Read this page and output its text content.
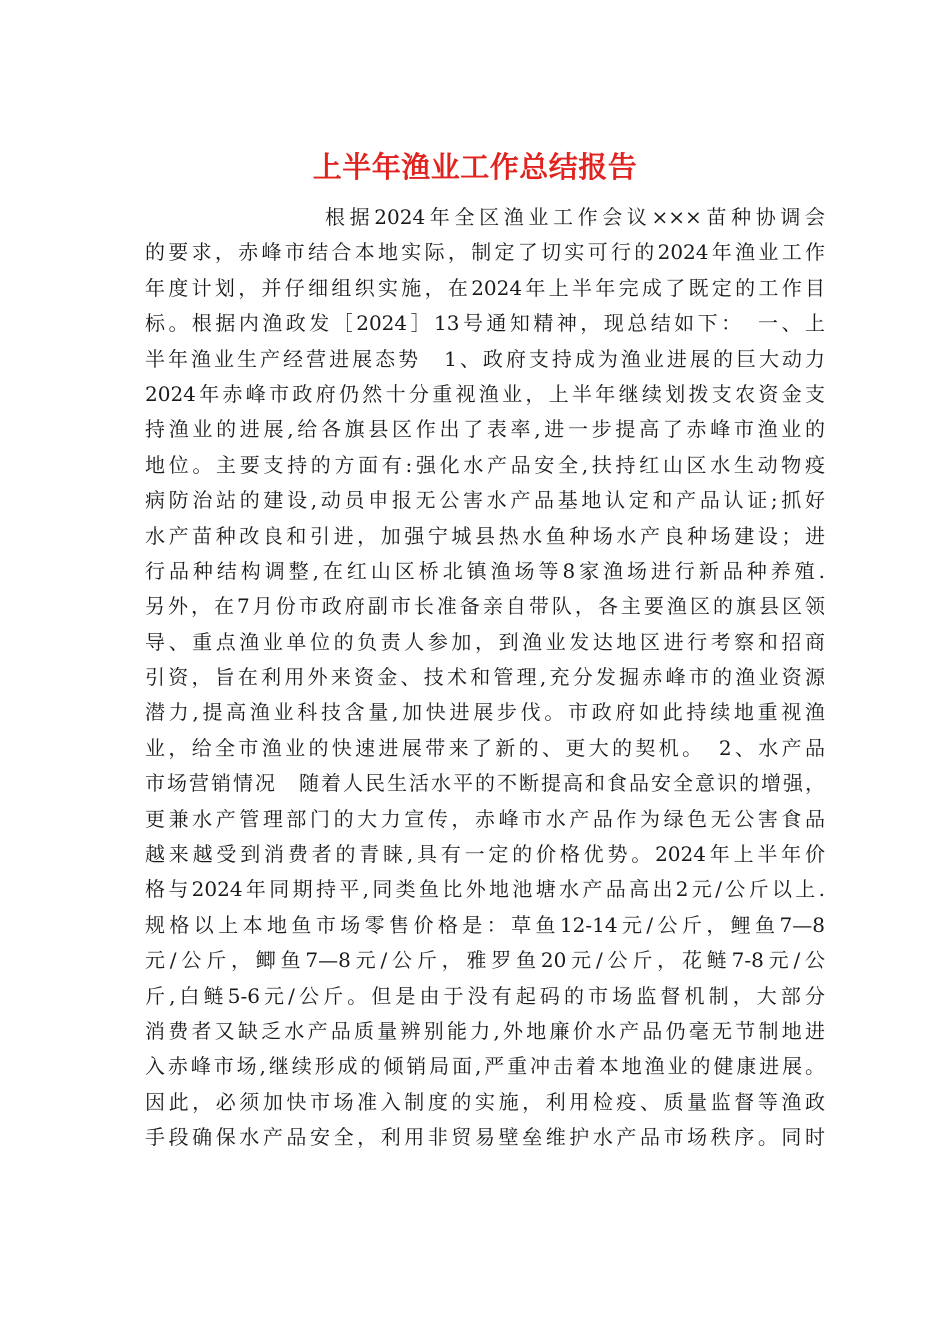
上半年渔业工作总结报告
根据2024年全区渔业工作会议×××苗种协调会
的要求，赤峰市结合本地实际，制定了切实可行的2024年渔业工作
年度计划，并仔细组织实施，在2024年上半年完成了既定的工作目
标。根据内渔政发［2024］13号通知精神，现总结如下：　一、上
半年渔业生产经营进展态势　1、政府支持成为渔业进展的巨大动力
2024年赤峰市政府仍然十分重视渔业，上半年继续划拨支农资金支
持渔业的进展,给各旗县区作出了表率,进一步提高了赤峰市渔业的
地位。主要支持的方面有:强化水产品安全,扶持红山区水生动物疫
病防治站的建设,动员申报无公害水产品基地认定和产品认证;抓好
水产苗种改良和引进，加强宁城县热水鱼种场水产良种场建设；进
行品种结构调整,在红山区桥北镇渔场等8家渔场进行新品种养殖.
另外，在7月份市政府副市长准备亲自带队，各主要渔区的旗县区领
导、重点渔业单位的负责人参加，到渔业发达地区进行考察和招商
引资，旨在利用外来资金、技术和管理,充分发掘赤峰市的渔业资源
潜力,提高渔业科技含量,加快进展步伐。市政府如此持续地重视渔
业，给全市渔业的快速进展带来了新的、更大的契机。　2、水产品
市场营销情况　随着人民生活水平的不断提高和食品安全意识的增强，
更兼水产管理部门的大力宣传，赤峰市水产品作为绿色无公害食品
越来越受到消费者的青睐,具有一定的价格优势。2024年上半年价
格与2024年同期持平,同类鱼比外地池塘水产品高出2元/公斤以上.
规格以上本地鱼市场零售价格是：草鱼12-14元/公斤，鲤鱼7—8
元/公斤，鲫鱼7—8元/公斤，雅罗鱼20元/公斤，花鲢7-8元/公
斤,白鲢5-6元/公斤。但是由于没有起码的市场监督机制，大部分
消费者又缺乏水产品质量辨别能力,外地廉价水产品仍毫无节制地进
入赤峰市场,继续形成的倾销局面,严重冲击着本地渔业的健康进展。
因此，必须加快市场准入制度的实施，利用检疫、质量监督等渔政
手段确保水产品安全，利用非贸易壁垒维护水产品市场秩序。同时
